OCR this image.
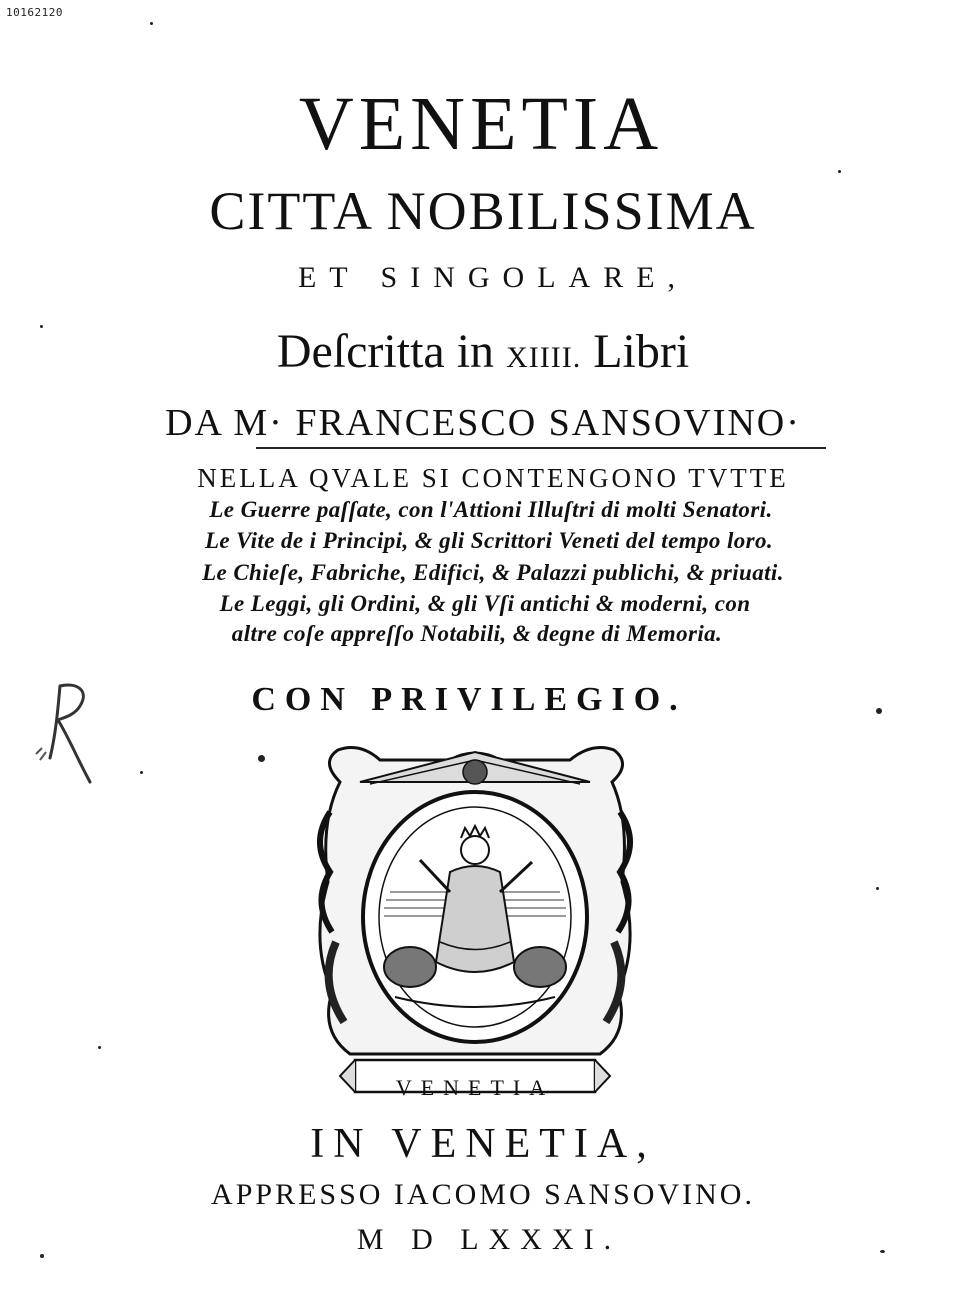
10162120
VENETIA
CITTA NOBILISSIMA
ET SINGOLARE,
Deſcritta in XIIII. Libri
DA M· FRANCESCO SANSOVINO·
NELLA QVALE SI CONTENGONO TVTTE
Le Guerre paſſate, con l'Attioni Illuſtri di molti Senatori.
Le Vite de i Principi, & gli Scrittori Veneti del tempo loro.
Le Chieſe, Fabriche, Edifici, & Palazzi publichi, & priuati.
Le Leggi, gli Ordini, & gli Vſi antichi & moderni, con
altre coſe appreſſo Notabili, & degne di Memoria.
CON PRIVILEGIO.
VENETIA
IN VENETIA,
APPRESSO IACOMO SANSOVINO.
M D LXXXI.
